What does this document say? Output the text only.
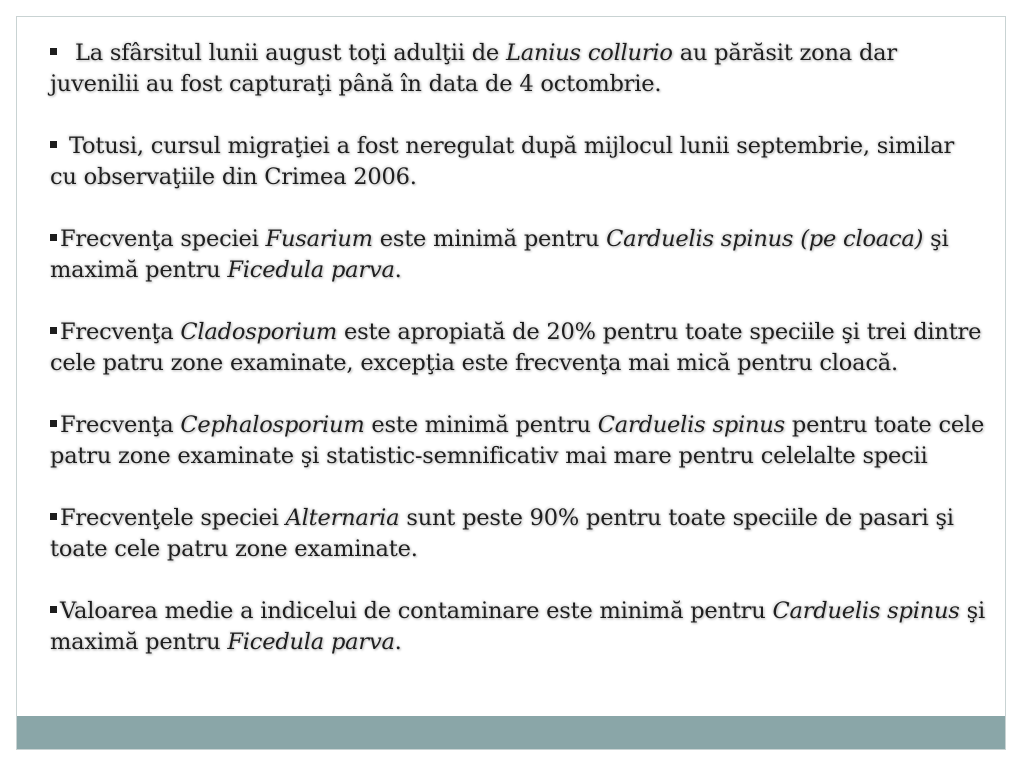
La sfârsitul lunii august toţi adulţii de Lanius collurio au părăsit zona dar juvenilii au fost capturaţi până în data de 4 octombrie.

Totusi, cursul migraţiei a fost neregulat după mijlocul lunii septembrie, similar cu observaţiile din Crimea 2006.

Frecvenţa speciei Fusarium este minimă pentru Carduelis spinus (pe cloaca) şi maximă pentru Ficedula parva.

Frecvenţa Cladosporium este apropiată de 20% pentru toate speciile şi trei dintre cele patru zone examinate, excepţia este frecvenţa mai mică pentru cloacă.

Frecvenţa Cephalosporium este minimă pentru Carduelis spinus pentru toate cele patru zone examinate şi statistic-semnificativ mai mare pentru celelalte specii

Frecvenţele speciei Alternaria sunt peste 90% pentru toate speciile de pasari şi toate cele patru zone examinate.

Valoarea medie a indicelui de contaminare este minimă pentru Carduelis spinus şi maximă pentru Ficedula parva.
